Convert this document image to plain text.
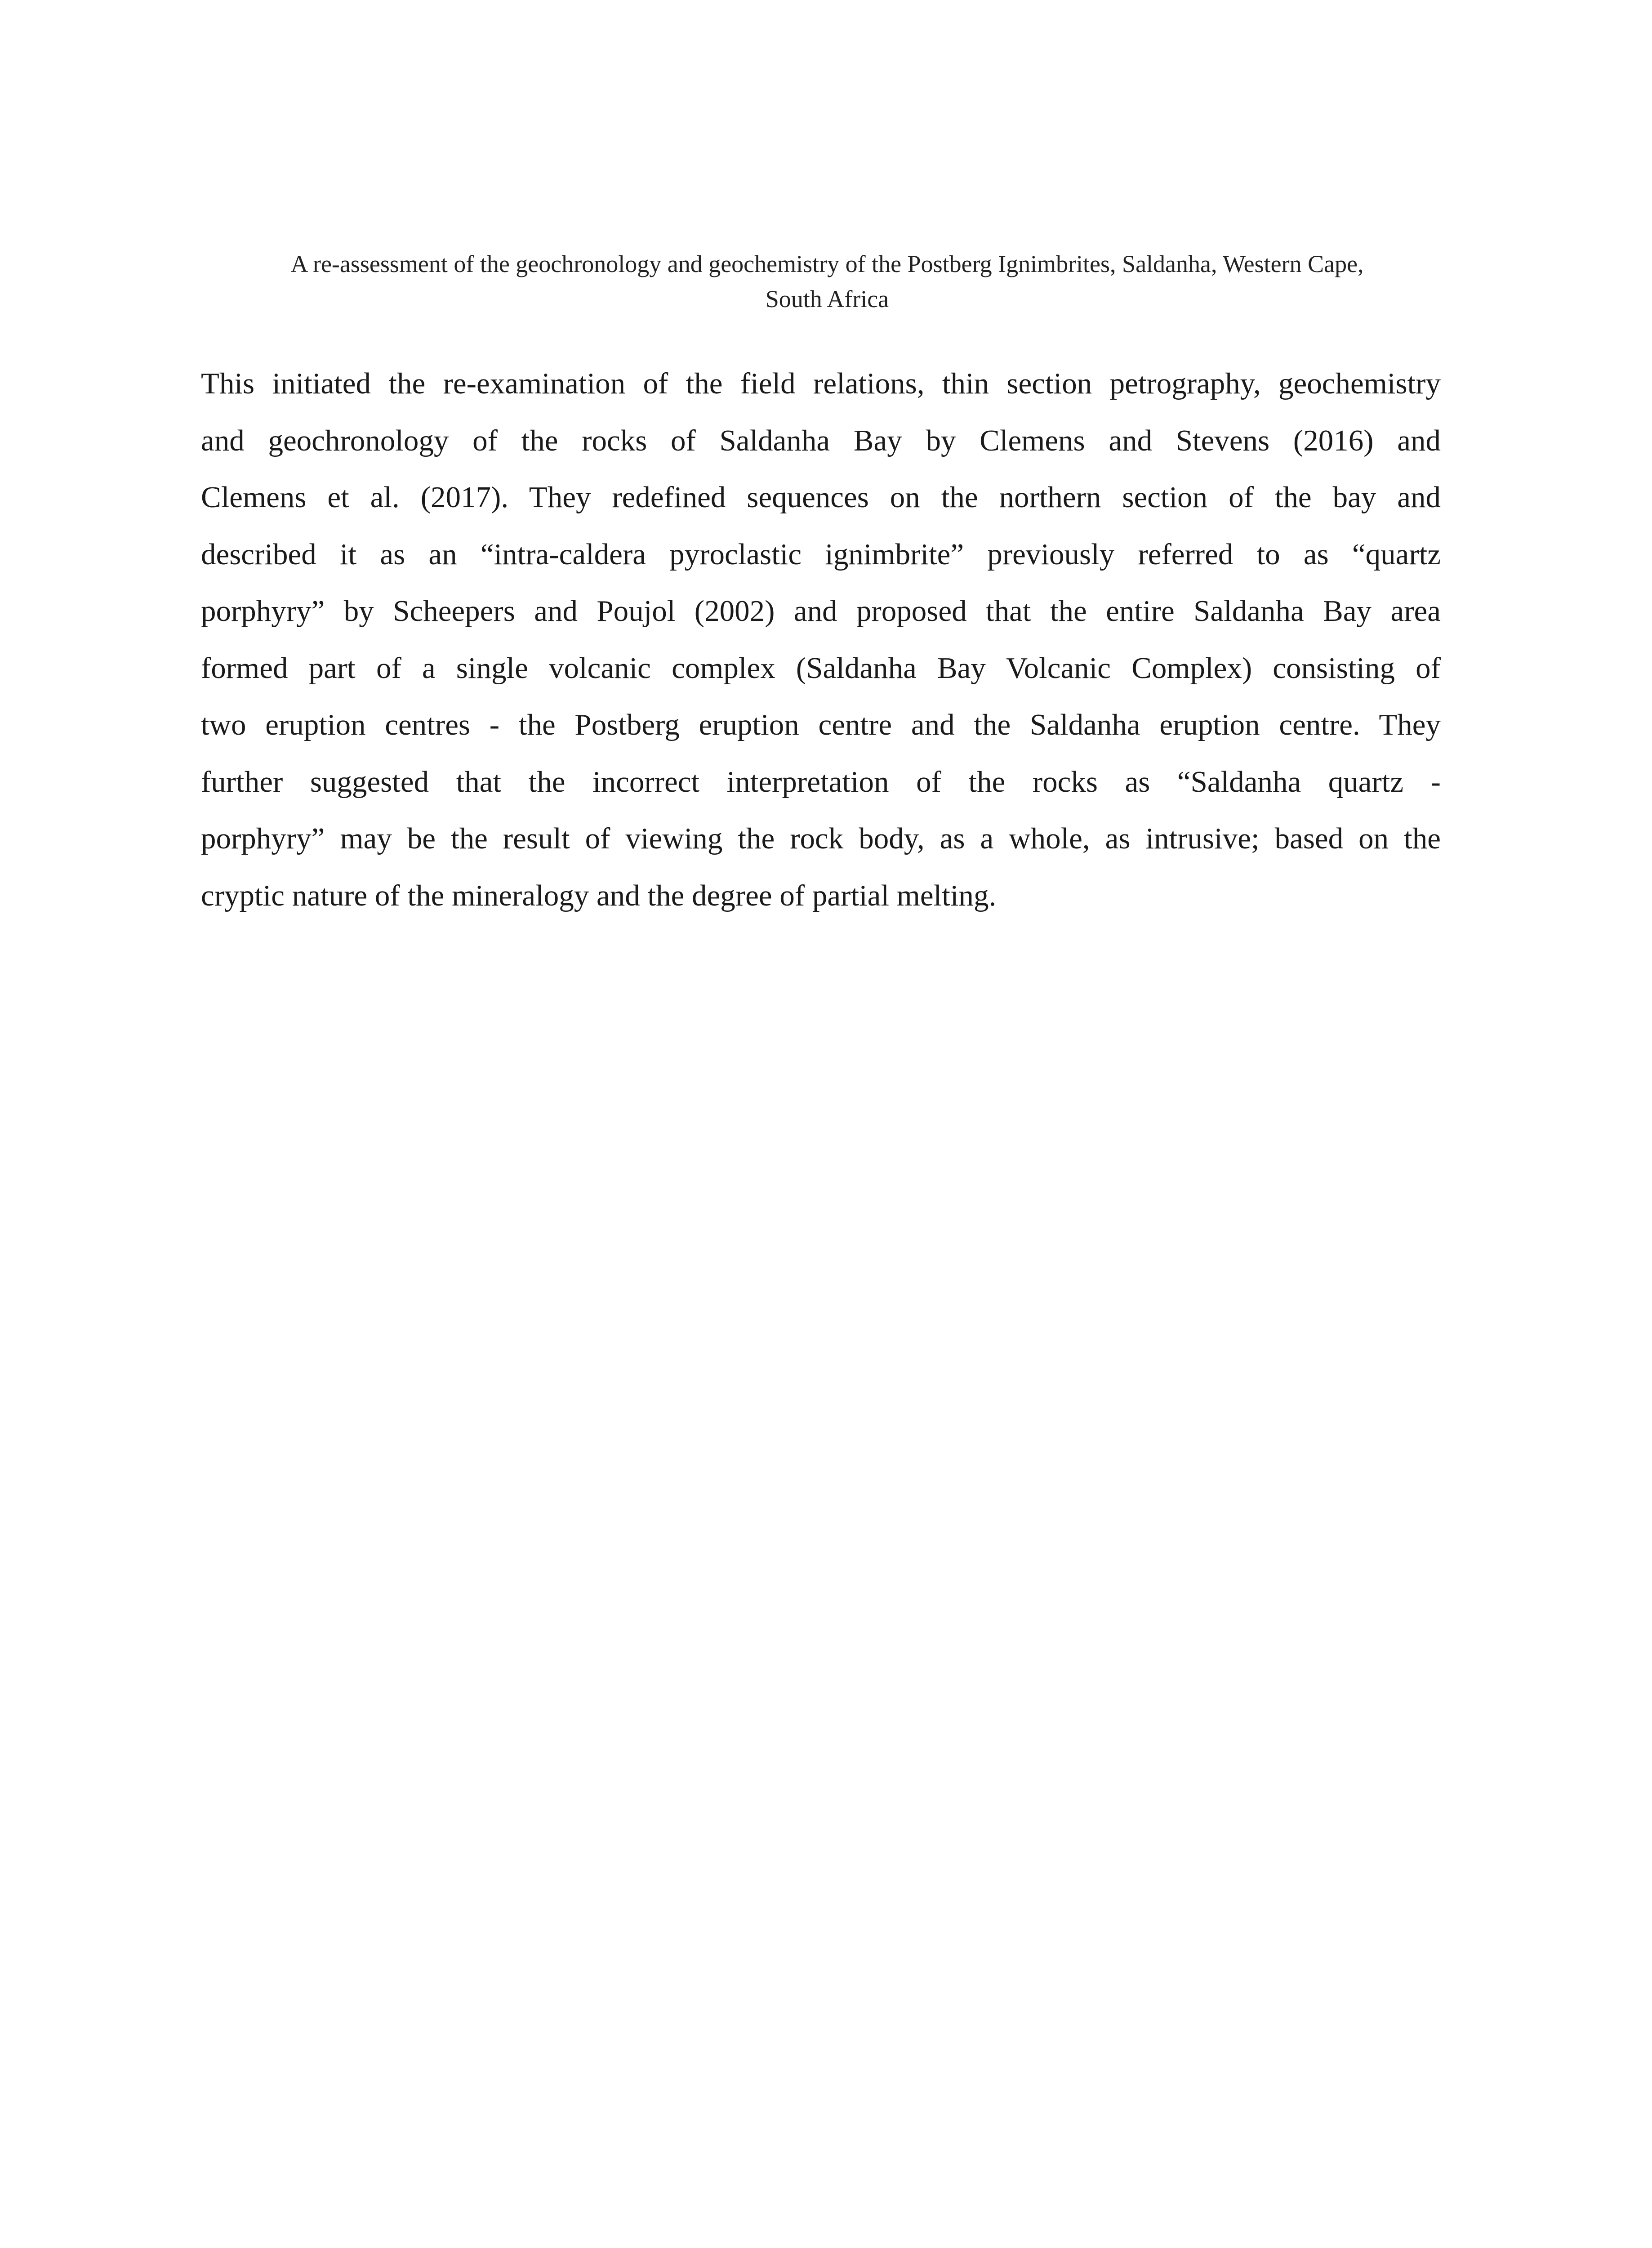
A re-assessment of the geochronology and geochemistry of the Postberg Ignimbrites, Saldanha, Western Cape,
South Africa

This initiated the re-examination of the field relations, thin section petrography, geochemistry
and geochronology of the rocks of Saldanha Bay by Clemens and Stevens (2016) and
Clemens et al. (2017). They redefined sequences on the northern section of the bay and
described it as an “intra-caldera pyroclastic ignimbrite” previously referred to as “quartz
porphyry” by Scheepers and Poujol (2002) and proposed that the entire Saldanha Bay area
formed part of a single volcanic complex (Saldanha Bay Volcanic Complex) consisting of
two eruption centres - the Postberg eruption centre and the Saldanha eruption centre. They
further suggested that the incorrect interpretation of the rocks as “Saldanha quartz -
porphyry” may be the result of viewing the rock body, as a whole, as intrusive; based on the
cryptic nature of the mineralogy and the degree of partial melting.
